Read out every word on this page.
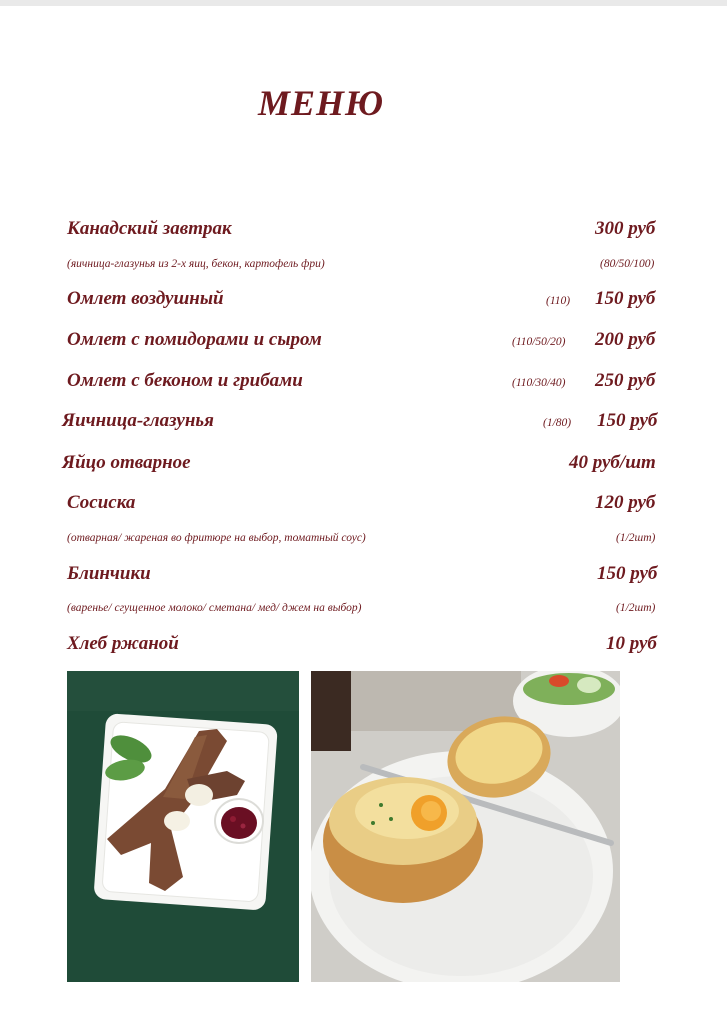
МЕНЮ
Канадский завтрак	300 руб
(яичница-глазунья из 2-х яиц, бекон, картофель фри)	(80/50/100)
Омлет воздушный	(110) 150 руб
Омлет с помидорами и сыром	(110/50/20) 200 руб
Омлет с беконом и грибами	(110/30/40) 250 руб
Яичница-глазунья	(1/80) 150 руб
Яйцо отварное	40 руб/шт
Сосиска	120 руб
(отварная/ жареная во фритюре на выбор, томатный соус)	(1/2шт)
Блинчики	150 руб
(варенье/ сгущенное молоко/ сметана/ мед/ джем на выбор)	(1/2шт)
Хлеб ржаной	10 руб
